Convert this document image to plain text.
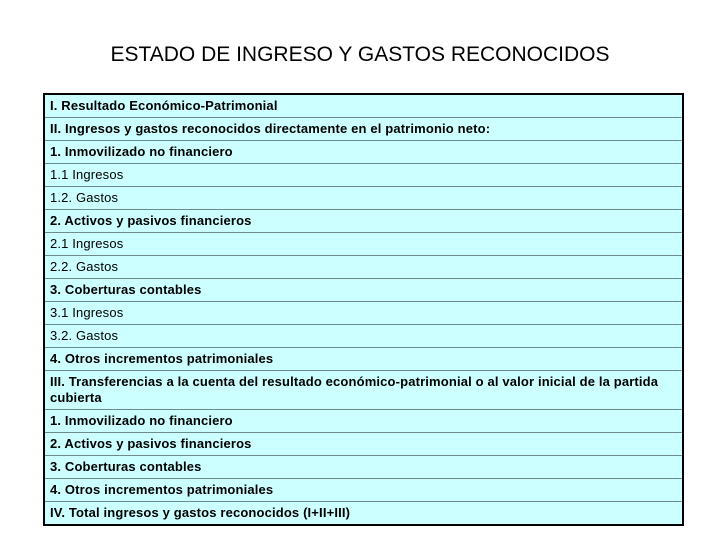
ESTADO DE INGRESO Y GASTOS RECONOCIDOS
I. Resultado Económico-Patrimonial
II. Ingresos y gastos reconocidos directamente en el patrimonio neto:
1. Inmovilizado no financiero
1.1 Ingresos
1.2. Gastos
2. Activos y pasivos financieros
2.1 Ingresos
2.2. Gastos
3. Coberturas contables
3.1 Ingresos
3.2. Gastos
4. Otros incrementos patrimoniales
III. Transferencias a la cuenta del resultado económico-patrimonial o al valor inicial de la partida cubierta
1. Inmovilizado no financiero
2. Activos y pasivos financieros
3. Coberturas contables
4. Otros incrementos patrimoniales
IV. Total ingresos y gastos reconocidos (I+II+III)
